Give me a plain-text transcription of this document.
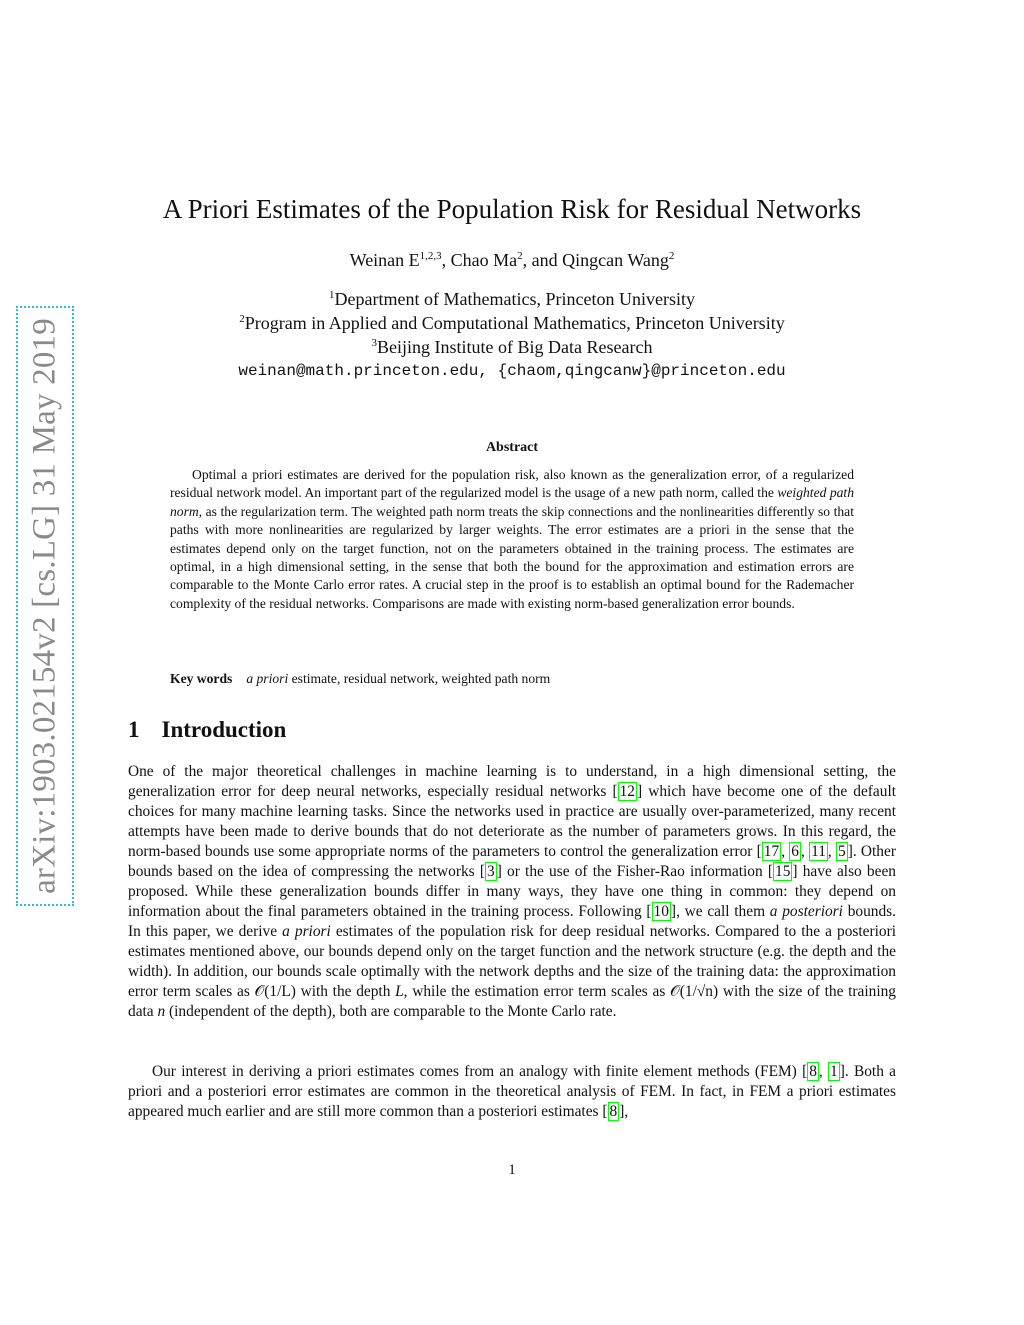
arXiv:1903.02154v2 [cs.LG] 31 May 2019
A Priori Estimates of the Population Risk for Residual Networks
Weinan E$^{1,2,3}$, Chao Ma$^2$, and Qingcan Wang$^2$
$^1$Department of Mathematics, Princeton University
$^2$Program in Applied and Computational Mathematics, Princeton University
$^3$Beijing Institute of Big Data Research
weinan@math.princeton.edu, {chaom,qingcanw}@princeton.edu
Abstract

Optimal a priori estimates are derived for the population risk, also known as the generalization error, of a regularized residual network model. An important part of the regularized model is the usage of a new path norm, called the weighted path norm, as the regularization term. The weighted path norm treats the skip connections and the nonlinearities differently so that paths with more nonlinearities are regularized by larger weights. The error estimates are a priori in the sense that the estimates depend only on the target function, not on the parameters obtained in the training process. The estimates are optimal, in a high dimensional setting, in the sense that both the bound for the approximation and estimation errors are comparable to the Monte Carlo error rates. A crucial step in the proof is to establish an optimal bound for the Rademacher complexity of the residual networks. Comparisons are made with existing norm-based generalization error bounds.

Key words a priori estimate, residual network, weighted path norm
1 Introduction

One of the major theoretical challenges in machine learning is to understand, in a high dimensional setting, the generalization error for deep neural networks, especially residual networks [ 12 ] which have become one of the default choices for many machine learning tasks. Since the networks used in practice are usually over-parameterized, many recent attempts have been made to derive bounds that do not deteriorate as the number of parameters grows. In this regard, the norm-based bounds use some appropriate norms of the parameters to control the generalization error [ 17 , 6 , 11 , 5 ]. Other bounds based on the idea of compressing the networks [ 3 ] or the use of the Fisher-Rao information [ 15 ] have also been proposed. While these generalization bounds differ in many ways, they have one thing in common: they depend on information about the final parameters obtained in the training process. Following [ 10 ], we call them a posteriori bounds. In this paper, we derive a priori estimates of the population risk for deep residual networks. Compared to the a posteriori estimates mentioned above, our bounds depend only on the target function and the network structure (e.g. the depth and the width). In addition, our bounds scale optimally with the network depths and the size of the training data: the approximation error term scales as 𝒪(1/L) with the depth L, while the estimation error term scales as 𝒪(1/√n) with the size of the training data n (independent of the depth), both are comparable to the Monte Carlo rate.

Our interest in deriving a priori estimates comes from an analogy with finite element methods (FEM) [ 8 , 1 ]. Both a priori and a posteriori error estimates are common in the theoretical analysis of FEM. In fact, in FEM a priori estimates appeared much earlier and are still more common than a posteriori estimates [ 8 ],

1
